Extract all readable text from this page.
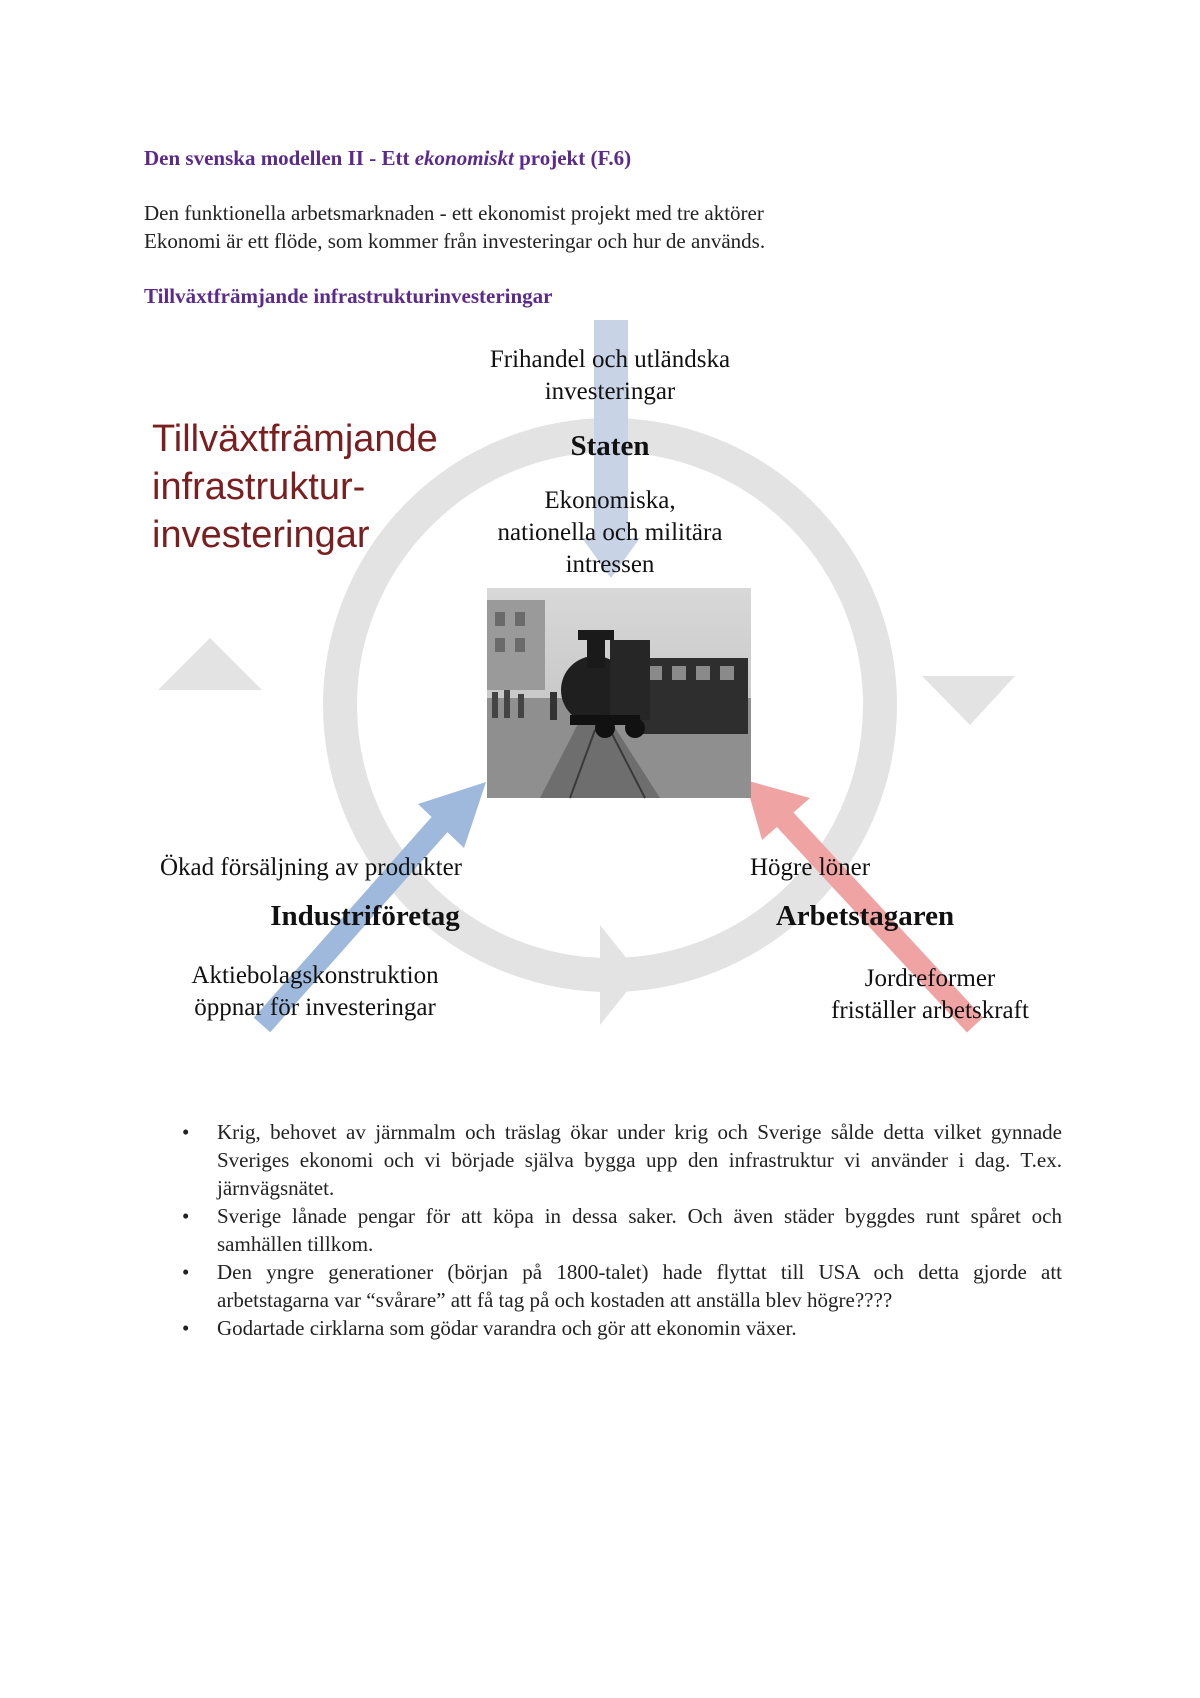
Den svenska modellen II - Ett ekonomiskt projekt (F.6)
Den funktionella arbetsmarknaden - ett ekonomist projekt med tre aktörer
Ekonomi är ett flöde, som kommer från investeringar och hur de används.
Tillväxtfrämjande infrastrukturinvesteringar
Tillväxtfrämjande
infrastruktur-
investeringar
Frihandel och utländska
investeringar
Staten
Ekonomiska,
nationella och militära
intressen
Ökad försäljning av produkter
Industriföretag
Aktiebolagskonstruktion
öppnar för investeringar
Högre löner
Arbetstagaren
Jordreformer
friställer arbetskraft
• Krig, behovet av järnmalm och träslag ökar under krig och Sverige sålde detta vilket gynnade Sveriges ekonomi och vi började själva bygga upp den infrastruktur vi använder i dag. T.ex. järnvägsnätet.
• Sverige lånade pengar för att köpa in dessa saker. Och även städer byggdes runt spåret och samhällen tillkom.
• Den yngre generationer (början på 1800-talet) hade flyttat till USA och detta gjorde att arbetstagarna var “svårare” att få tag på och kostaden att anställa blev högre????
• Godartade cirklarna som gödar varandra och gör att ekonomin växer.
